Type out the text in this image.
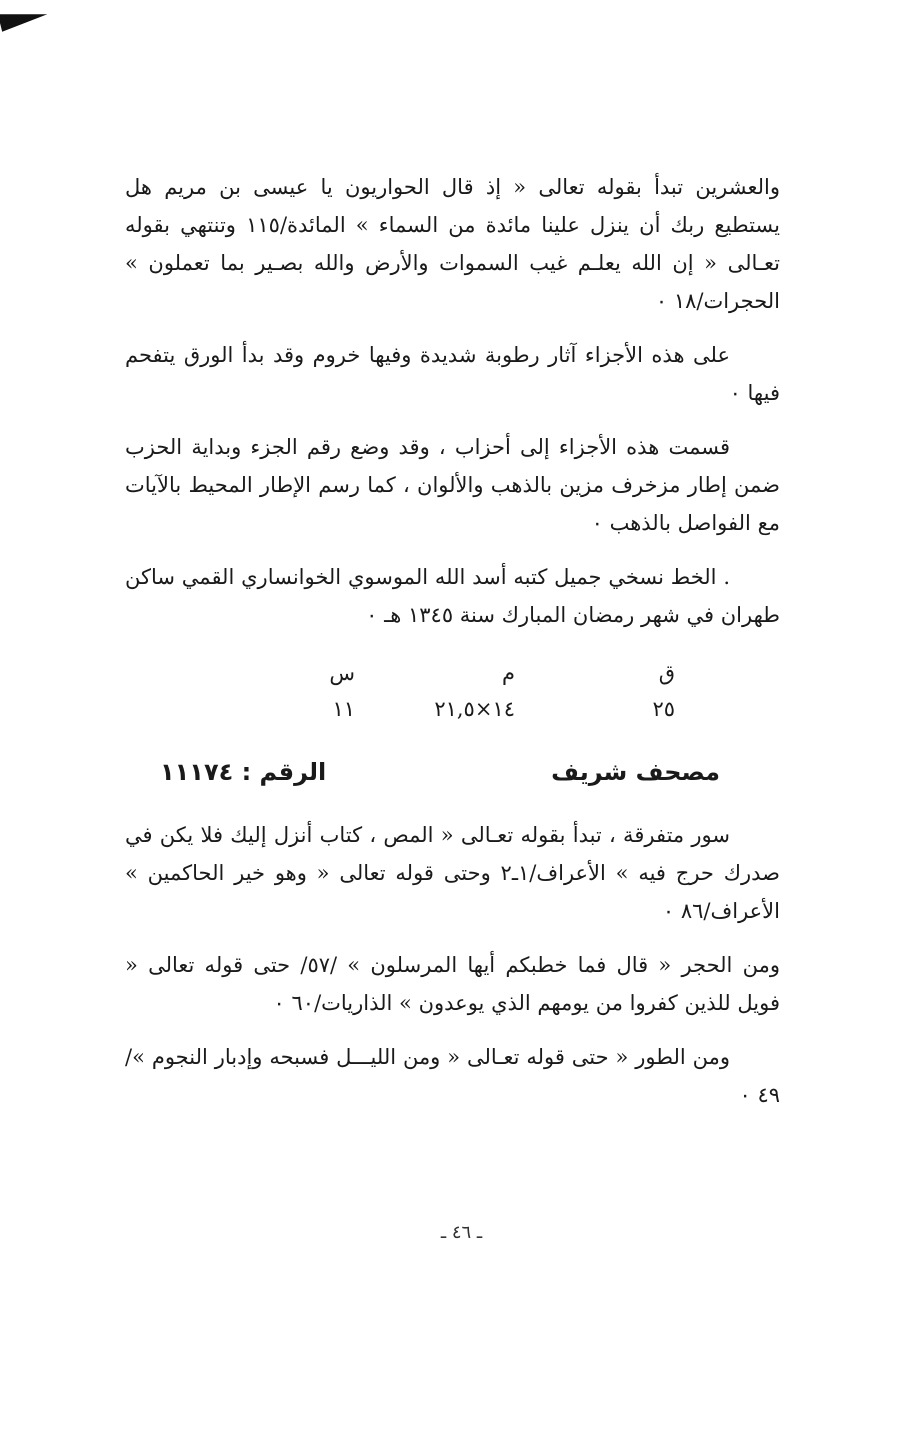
والعشرين تبدأ بقوله تعالى « إذ قال الحواريون يا عيسى بن مريم هل يستطيع ربك أن ينزل علينا مائدة من السماء » المائدة/١١٥ وتنتهي بقوله تعـالى « إن الله يعلـم غيب السموات والأرض والله بصـير بما تعملون » الحجرات/١٨ ٠

على هذه الأجزاء آثار رطوبة شديدة وفيها خروم وقد بدأ الورق يتفحم فيها ٠

قسمت هذه الأجزاء إلى أحزاب ، وقد وضع رقم الجزء وبداية الحزب ضمن إطار مزخرف مزين بالذهب والألوان ، كما رسم الإطار المحيط بالآيات مع الفواصل بالذهب ٠

. الخط نسخي جميل كتبه أسد الله الموسوي الخوانساري القمي ساكن طهران في شهر رمضان المبارك سنة ١٣٤٥ هـ ٠

ق
م
س
٢٥
١٤×٢١,٥
١١
مصحف شريف
الرقم : ١١١٧٤

سور متفرقة ، تبدأ بقوله تعـالى « المص ، كتاب أنزل إليك فلا يكن في صدرك حرج فيه » الأعراف/١ـ٢ وحتى قوله تعالى « وهو خير الحاكمين » الأعراف/٨٦ ٠

ومن الحجر « قال فما خطبكم أيها المرسلون » /٥٧/ حتى قوله تعالى « فويل للذين كفروا من يومهم الذي يوعدون » الذاريات/٦٠ ٠

ومن الطور « حتى قوله تعـالى « ومن الليـــل فسبحه وإدبار النجوم »/٤٩ ٠

ـ ٤٦ ـ
